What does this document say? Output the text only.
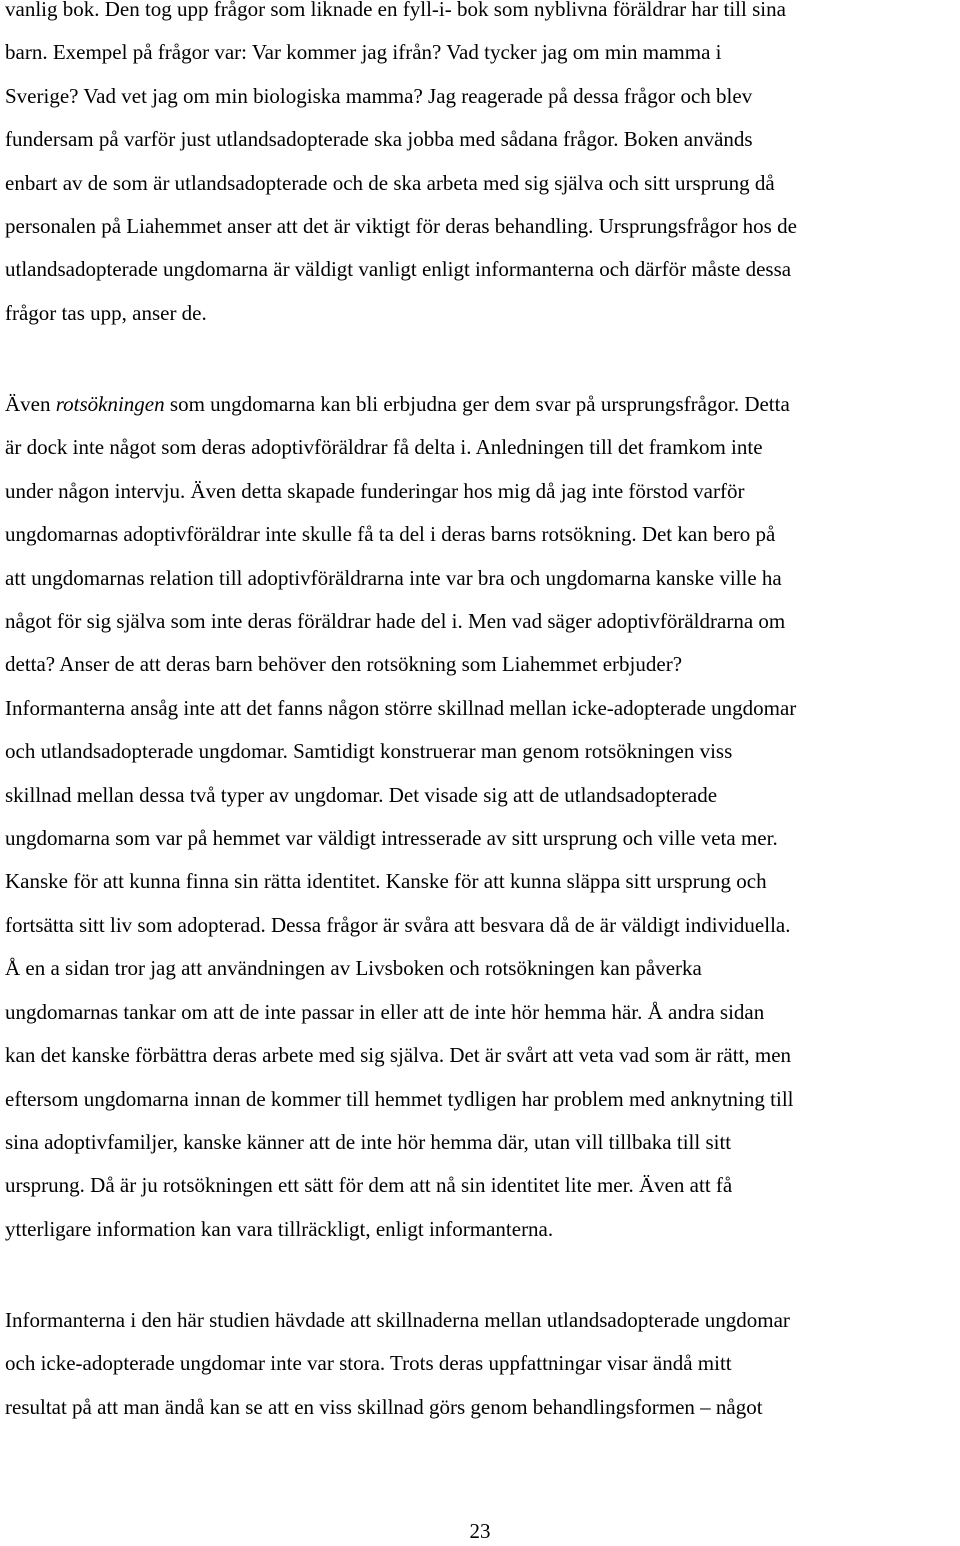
vanlig bok. Den tog upp frågor som liknade en fyll-i- bok som nyblivna föräldrar har till sina
barn. Exempel på frågor var: Var kommer jag ifrån? Vad tycker jag om min mamma i
Sverige? Vad vet jag om min biologiska mamma? Jag reagerade på dessa frågor och blev
fundersam på varför just utlandsadopterade ska jobba med sådana frågor. Boken används
enbart av de som är utlandsadopterade och de ska arbeta med sig själva och sitt ursprung då
personalen på Liahemmet anser att det är viktigt för deras behandling. Ursprungsfrågor hos de
utlandsadopterade ungdomarna är väldigt vanligt enligt informanterna och därför måste dessa
frågor tas upp, anser de.
Även rotsökningen som ungdomarna kan bli erbjudna ger dem svar på ursprungsfrågor. Detta
är dock inte något som deras adoptivföräldrar få delta i. Anledningen till det framkom inte
under någon intervju. Även detta skapade funderingar hos mig då jag inte förstod varför
ungdomarnas adoptivföräldrar inte skulle få ta del i deras barns rotsökning. Det kan bero på
att ungdomarnas relation till adoptivföräldrarna inte var bra och ungdomarna kanske ville ha
något för sig själva som inte deras föräldrar hade del i. Men vad säger adoptivföräldrarna om
detta? Anser de att deras barn behöver den rotsökning som Liahemmet erbjuder?
Informanterna ansåg inte att det fanns någon större skillnad mellan icke-adopterade ungdomar
och utlandsadopterade ungdomar. Samtidigt konstruerar man genom rotsökningen viss
skillnad mellan dessa två typer av ungdomar. Det visade sig att de utlandsadopterade
ungdomarna som var på hemmet var väldigt intresserade av sitt ursprung och ville veta mer.
Kanske för att kunna finna sin rätta identitet. Kanske för att kunna släppa sitt ursprung och
fortsätta sitt liv som adopterad. Dessa frågor är svåra att besvara då de är väldigt individuella.
Å en a sidan tror jag att användningen av Livsboken och rotsökningen kan påverka
ungdomarnas tankar om att de inte passar in eller att de inte hör hemma här. Å andra sidan
kan det kanske förbättra deras arbete med sig själva. Det är svårt att veta vad som är rätt, men
eftersom ungdomarna innan de kommer till hemmet tydligen har problem med anknytning till
sina adoptivfamiljer, kanske känner att de inte hör hemma där, utan vill tillbaka till sitt
ursprung. Då är ju rotsökningen ett sätt för dem att nå sin identitet lite mer. Även att få
ytterligare information kan vara tillräckligt, enligt informanterna.
Informanterna i den här studien hävdade att skillnaderna mellan utlandsadopterade ungdomar
och icke-adopterade ungdomar inte var stora. Trots deras uppfattningar visar ändå mitt
resultat på att man ändå kan se att en viss skillnad görs genom behandlingsformen – något
23
